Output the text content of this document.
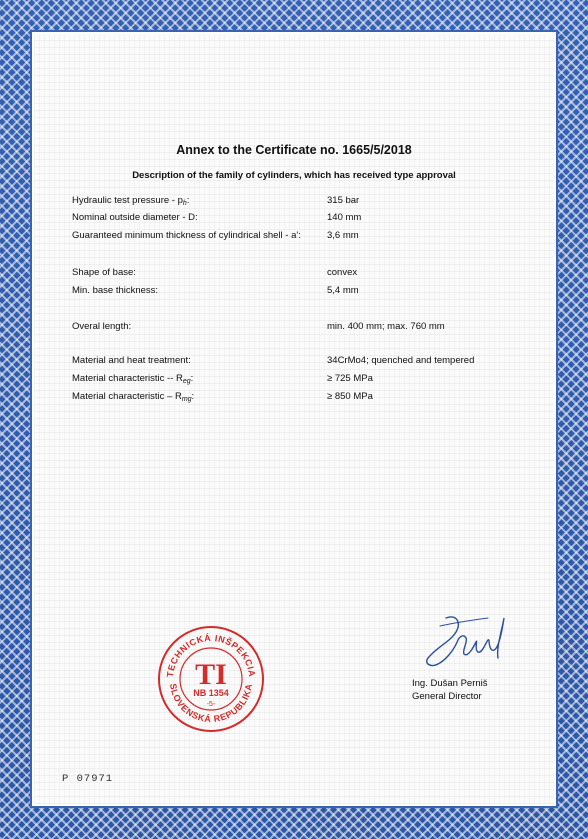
Annex to the Certificate no. 1665/5/2018
Description of the family of cylinders, which has received type approval
Hydraulic test pressure - $p_h$:	315 bar
Nominal outside diameter - D:	140 mm
Guaranteed minimum thickness of cylindrical shell - a':	3,6 mm
Shape of base:	convex
Min. base thickness:	5,4 mm
Overal length:	min. 400 mm; max. 760 mm
Material and heat treatment:	34CrMo4; quenched and tempered
Material characteristic -- $R_{eg}$:	≥ 725 MPa
Material characteristic – $R_{mg}$:	≥ 850 MPa
TECHNICKÁ INŠPEKCIA
SLOVENSKÁ REPUBLIKA
TI
NB 1354
-5-
Ing. Dušan Perniš
General Director
P 07971
